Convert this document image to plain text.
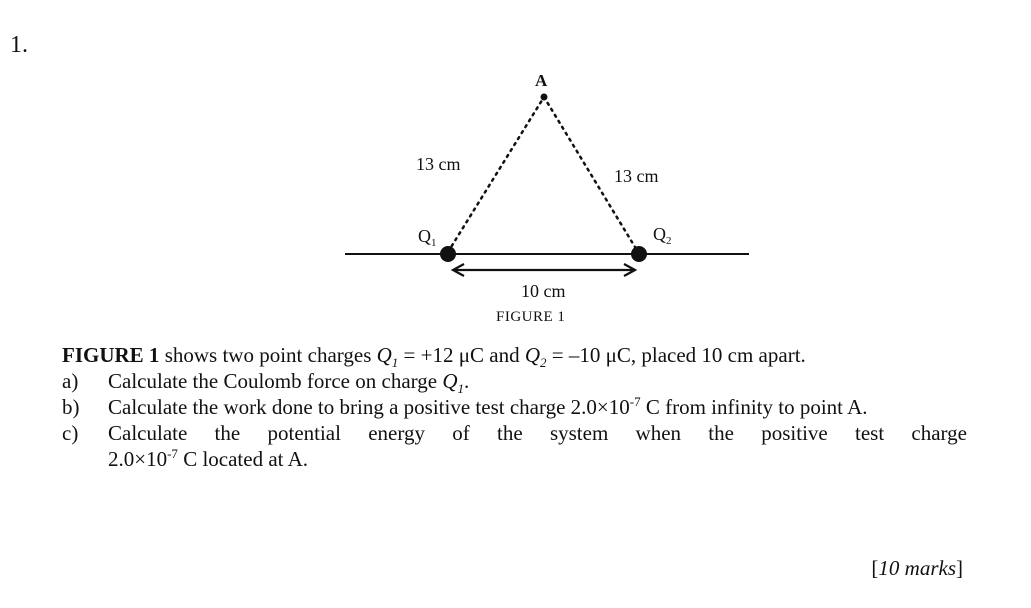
1.
A
13 cm
13 cm
$Q_1$	$Q_2$
10 cm
FIGURE 1

FIGURE 1 shows two point charges $Q_1 = +12$ μC and $Q_2 = -10$ μC, placed 10 cm apart.

a)	Calculate the Coulomb force on charge $Q_1$.
b)	Calculate the work done to bring a positive test charge $2.0\times 10^{-7}$ C from infinity to point A.
c)	Calculate the potential energy of the system when the positive test charge
$2.0\times 10^{-7}$ C located at A.
[10 marks]
